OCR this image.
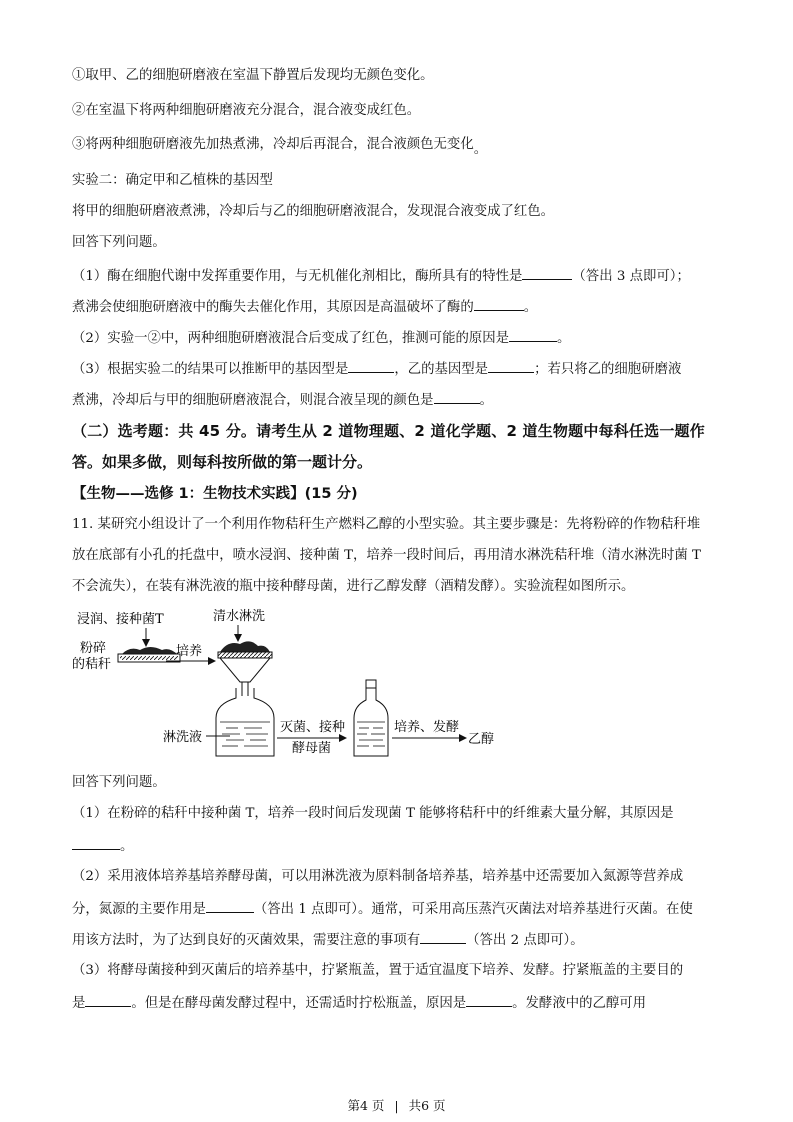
①取甲、乙的细胞研磨液在室温下静置后发现均无颜色变化。
②在室温下将两种细胞研磨液充分混合，混合液变成红色。
③将两种细胞研磨液先加热煮沸，冷却后再混合，混合液颜色无变化。
实验二：确定甲和乙植株的基因型
将甲的细胞研磨液煮沸，冷却后与乙的细胞研磨液混合，发现混合液变成了红色。
回答下列问题。
（1）酶在细胞代谢中发挥重要作用，与无机催化剂相比，酶所具有的特性是	（答出 3 点即可）；
煮沸会使细胞研磨液中的酶失去催化作用，其原因是高温破坏了酶的	。
（2）实验一②中，两种细胞研磨液混合后变成了红色，推测可能的原因是	。
（3）根据实验二的结果可以推断甲的基因型是	，乙的基因型是	；若只将乙的细胞研磨液
煮沸，冷却后与甲的细胞研磨液混合，则混合液呈现的颜色是	。
（二）选考题：共 45 分。请考生从 2 道物理题、2 道化学题、2 道生物题中每科任选一题作
答。如果多做，则每科按所做的第一题计分。
【生物——选修 1：生物技术实践】(15 分)
11. 某研究小组设计了一个利用作物秸秆生产燃料乙醇的小型实验。其主要步骤是：先将粉碎的作物秸秆堆
放在底部有小孔的托盘中，喷水浸润、接种菌 T，培养一段时间后，再用清水淋洗秸秆堆（清水淋洗时菌 T
不会流失），在装有淋洗液的瓶中接种酵母菌，进行乙醇发酵（酒精发酵）。实验流程如图所示。
浸润、接种菌T	清水淋洗
粉碎
的秸秆
培养
淋洗液
灭菌、接种
酵母菌
培养、发酵
乙醇
回答下列问题。
（1）在粉碎的秸秆中接种菌 T，培养一段时间后发现菌 T 能够将秸秆中的纤维素大量分解，其原因是
。
（2）采用液体培养基培养酵母菌，可以用淋洗液为原料制备培养基，培养基中还需要加入氮源等营养成
分，氮源的主要作用是	（答出 1 点即可）。通常，可采用高压蒸汽灭菌法对培养基进行灭菌。在使
用该方法时，为了达到良好的灭菌效果，需要注意的事项有	（答出 2 点即可）。
（3）将酵母菌接种到灭菌后的培养基中，拧紧瓶盖，置于适宜温度下培养、发酵。拧紧瓶盖的主要目的
是	。但是在酵母菌发酵过程中，还需适时拧松瓶盖，原因是	。发酵液中的乙醇可用
第4 页 | 共6 页
